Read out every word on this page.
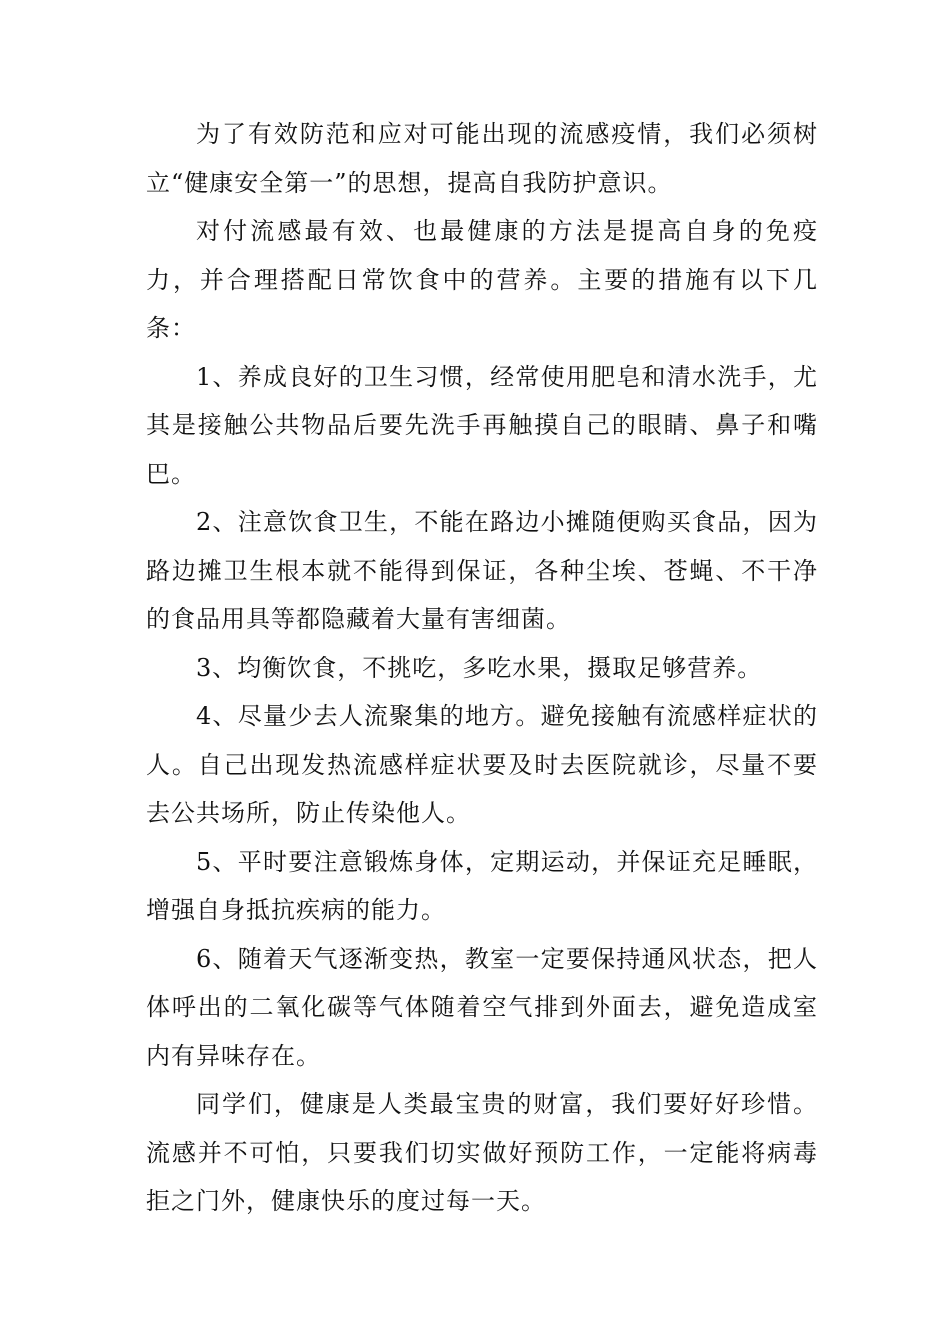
为了有效防范和应对可能出现的流感疫情，我们必须树立“健康安全第一”的思想，提高自我防护意识。

对付流感最有效、也最健康的方法是提高自身的免疫力，并合理搭配日常饮食中的营养。主要的措施有以下几条：

1、养成良好的卫生习惯，经常使用肥皂和清水洗手，尤其是接触公共物品后要先洗手再触摸自己的眼睛、鼻子和嘴巴。

2、注意饮食卫生，不能在路边小摊随便购买食品，因为路边摊卫生根本就不能得到保证，各种尘埃、苍蝇、不干净的食品用具等都隐藏着大量有害细菌。

3、均衡饮食，不挑吃，多吃水果，摄取足够营养。

4、尽量少去人流聚集的地方。避免接触有流感样症状的人。自己出现发热流感样症状要及时去医院就诊，尽量不要去公共场所，防止传染他人。

5、平时要注意锻炼身体，定期运动，并保证充足睡眠，增强自身抵抗疾病的能力。

6、随着天气逐渐变热，教室一定要保持通风状态，把人体呼出的二氧化碳等气体随着空气排到外面去，避免造成室内有异味存在。

同学们，健康是人类最宝贵的财富，我们要好好珍惜。流感并不可怕，只要我们切实做好预防工作，一定能将病毒拒之门外，健康快乐的度过每一天。
